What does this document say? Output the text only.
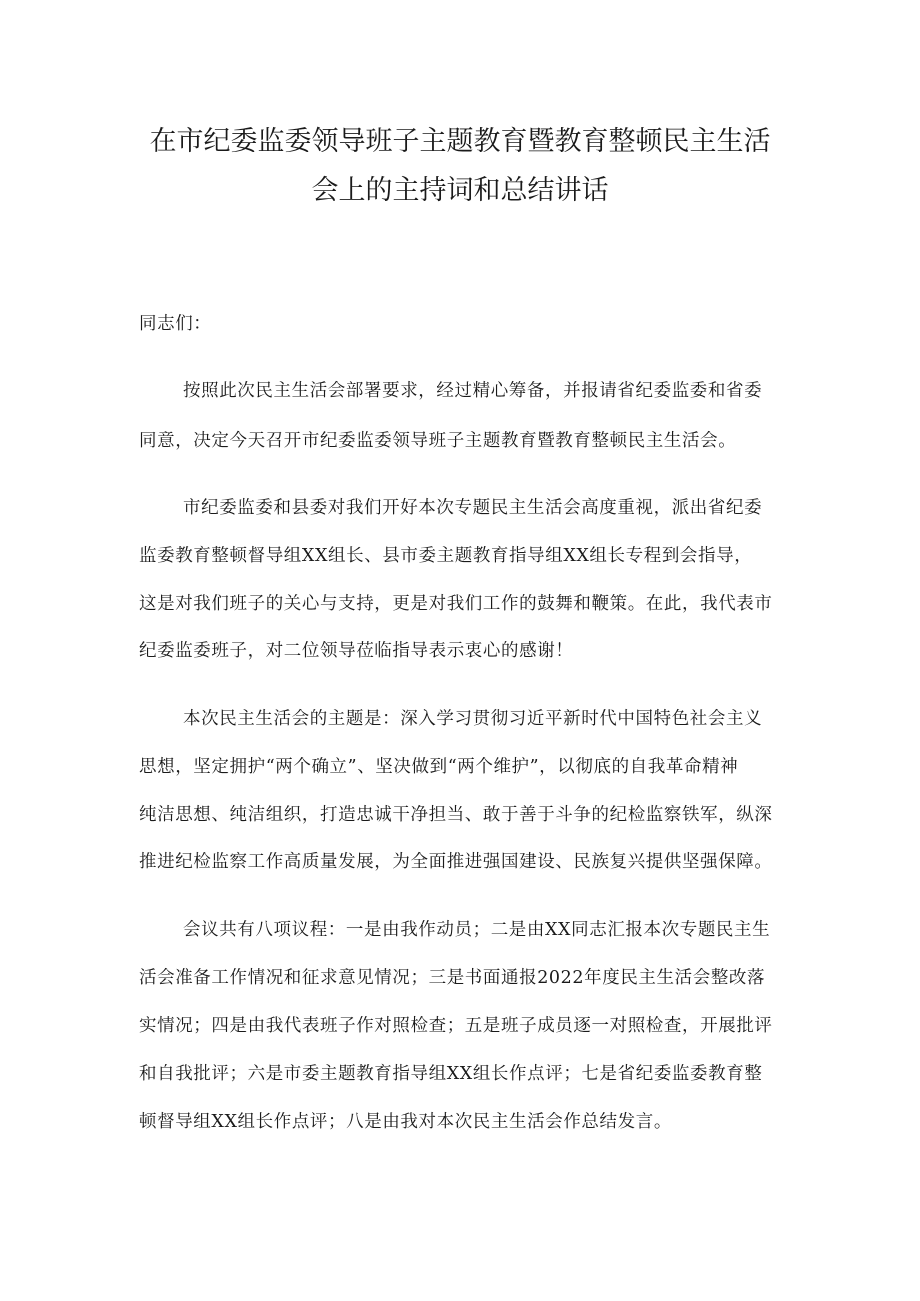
在市纪委监委领导班子主题教育暨教育整顿民主生活
会上的主持词和总结讲话
同志们：
按照此次民主生活会部署要求，经过精心筹备，并报请省纪委监委和省委
同意，决定今天召开市纪委监委领导班子主题教育暨教育整顿民主生活会。
市纪委监委和县委对我们开好本次专题民主生活会高度重视，派出省纪委
监委教育整顿督导组XX组长、县市委主题教育指导组XX组长专程到会指导，
这是对我们班子的关心与支持，更是对我们工作的鼓舞和鞭策。在此，我代表市
纪委监委班子，对二位领导莅临指导表示衷心的感谢！
本次民主生活会的主题是：深入学习贯彻习近平新时代中国特色社会主义
思想，坚定拥护“两个确立”、坚决做到“两个维护”，以彻底的自我革命精神
纯洁思想、纯洁组织，打造忠诚干净担当、敢于善于斗争的纪检监察铁军，纵深
推进纪检监察工作高质量发展，为全面推进强国建设、民族复兴提供坚强保障。
会议共有八项议程：一是由我作动员；二是由XX同志汇报本次专题民主生
活会准备工作情况和征求意见情况；三是书面通报2022年度民主生活会整改落
实情况；四是由我代表班子作对照检查；五是班子成员逐一对照检查，开展批评
和自我批评；六是市委主题教育指导组XX组长作点评；七是省纪委监委教育整
顿督导组XX组长作点评；八是由我对本次民主生活会作总结发言。
